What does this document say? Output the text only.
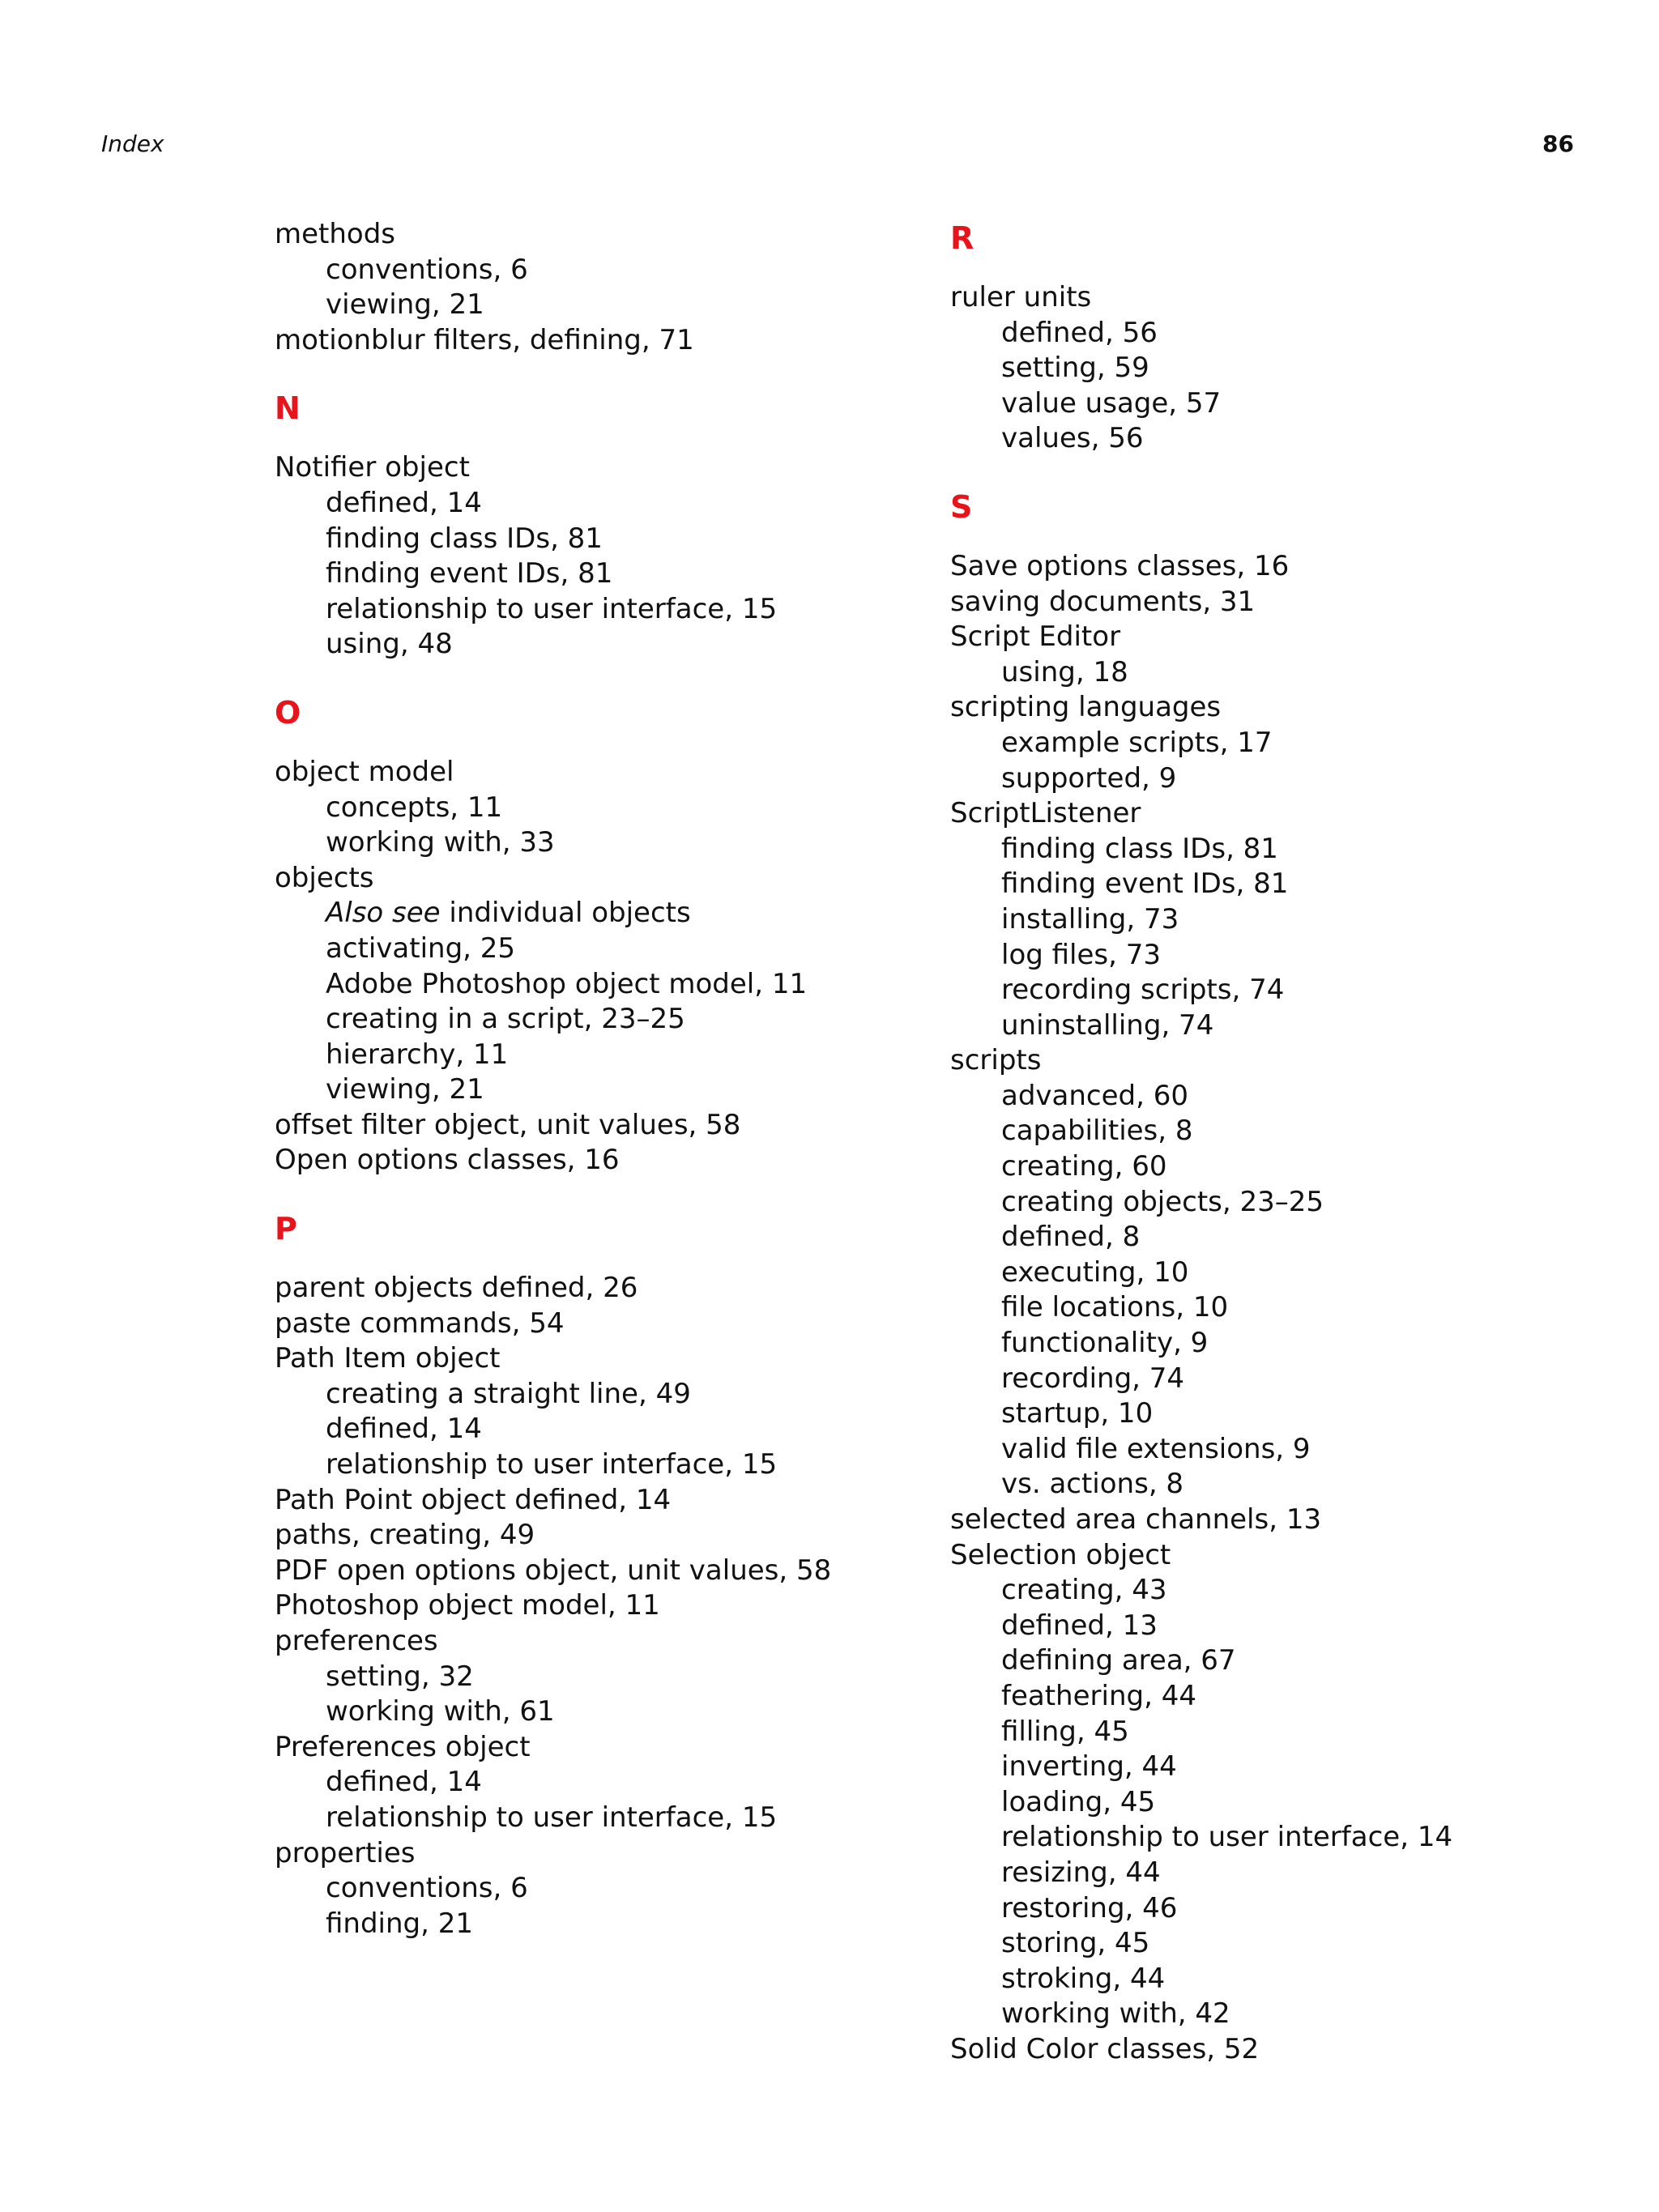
Index	86
methods
conventions, 6
viewing, 21
motionblur filters, defining, 71
N
Notifier object
defined, 14
finding class IDs, 81
finding event IDs, 81
relationship to user interface, 15
using, 48
O
object model
concepts, 11
working with, 33
objects
Also see individual objects
activating, 25
Adobe Photoshop object model, 11
creating in a script, 23–25
hierarchy, 11
viewing, 21
offset filter object, unit values, 58
Open options classes, 16
P
parent objects defined, 26
paste commands, 54
Path Item object
creating a straight line, 49
defined, 14
relationship to user interface, 15
Path Point object defined, 14
paths, creating, 49
PDF open options object, unit values, 58
Photoshop object model, 11
preferences
setting, 32
working with, 61
Preferences object
defined, 14
relationship to user interface, 15
properties
conventions, 6
finding, 21
R
ruler units
defined, 56
setting, 59
value usage, 57
values, 56
S
Save options classes, 16
saving documents, 31
Script Editor
using, 18
scripting languages
example scripts, 17
supported, 9
ScriptListener
finding class IDs, 81
finding event IDs, 81
installing, 73
log files, 73
recording scripts, 74
uninstalling, 74
scripts
advanced, 60
capabilities, 8
creating, 60
creating objects, 23–25
defined, 8
executing, 10
file locations, 10
functionality, 9
recording, 74
startup, 10
valid file extensions, 9
vs. actions, 8
selected area channels, 13
Selection object
creating, 43
defined, 13
defining area, 67
feathering, 44
filling, 45
inverting, 44
loading, 45
relationship to user interface, 14
resizing, 44
restoring, 46
storing, 45
stroking, 44
working with, 42
Solid Color classes, 52
